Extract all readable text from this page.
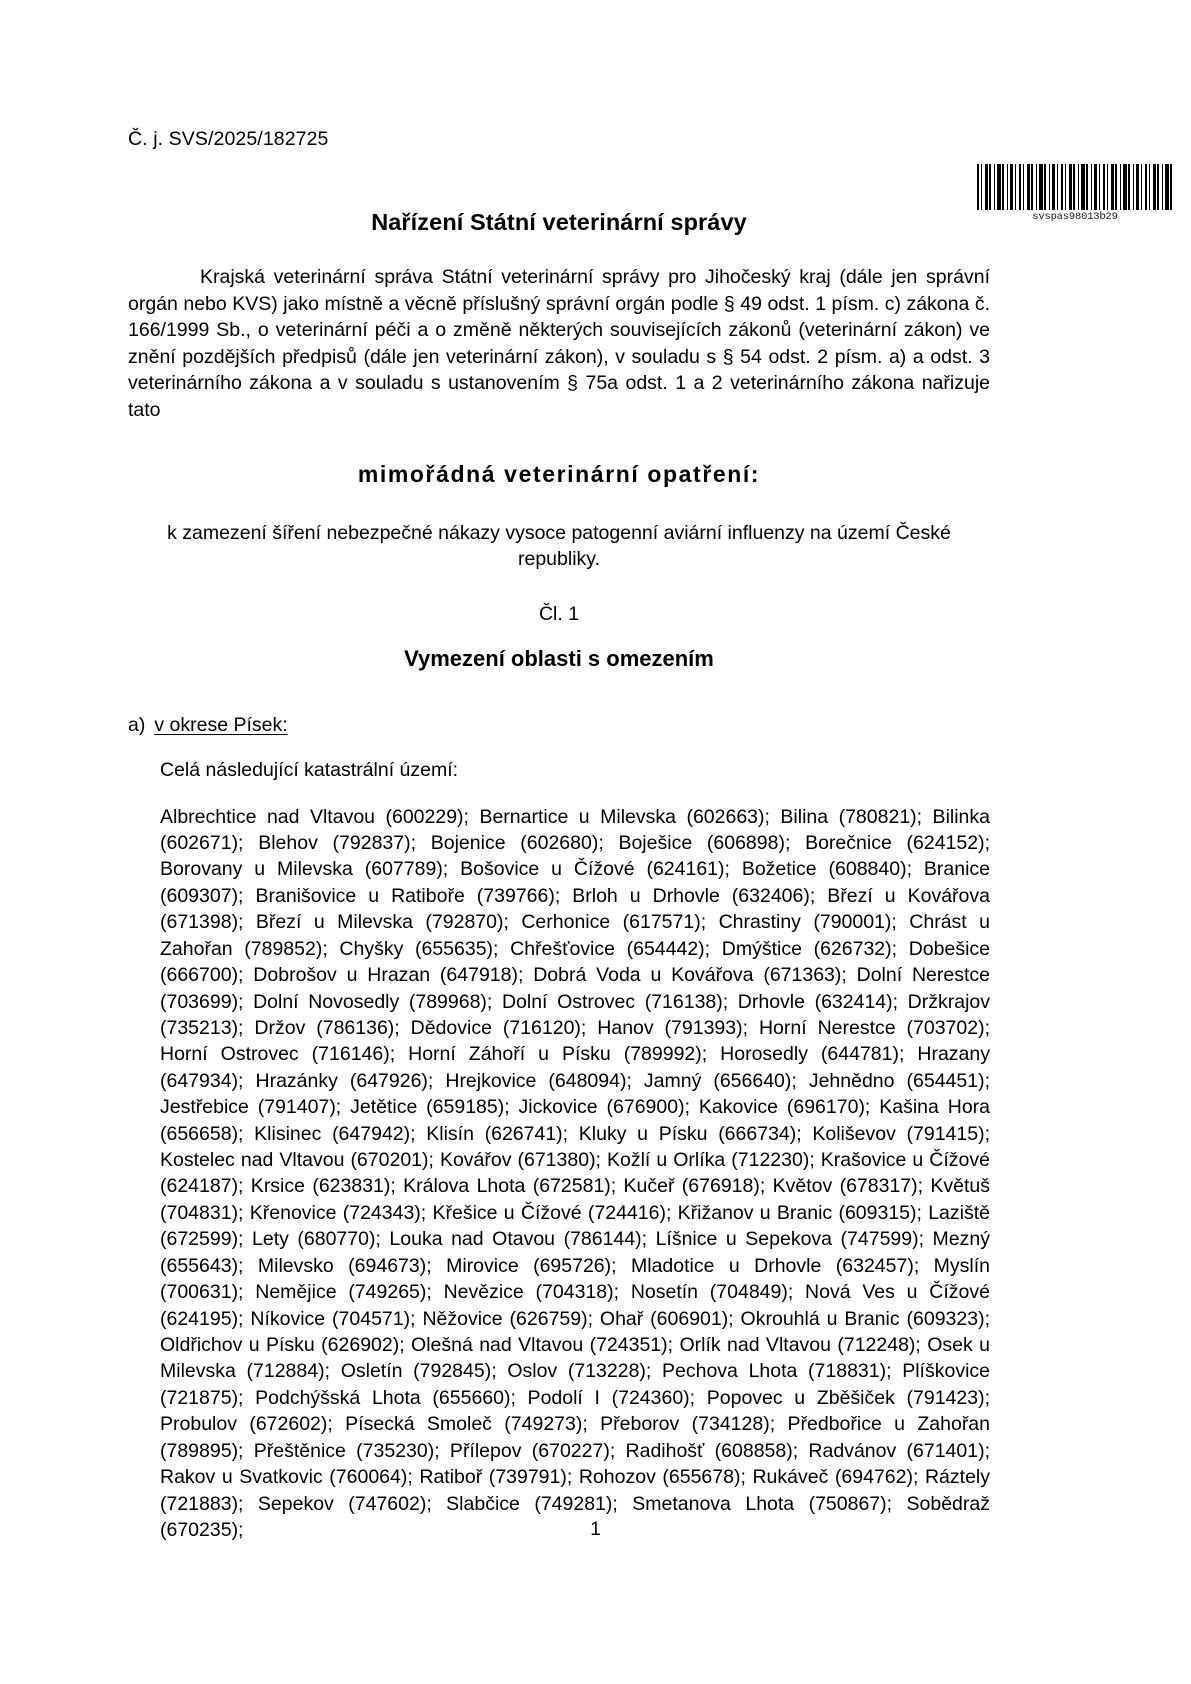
svspas98013b29
Č. j. SVS/2025/182725
Nařízení Státní veterinární správy

Krajská veterinární správa Státní veterinární správy pro Jihočeský kraj (dále jen správní orgán nebo KVS) jako místně a věcně příslušný správní orgán podle § 49 odst. 1 písm. c) zákona č. 166/1999 Sb., o veterinární péči a o změně některých souvisejících zákonů (veterinární zákon) ve znění pozdějších předpisů (dále jen veterinární zákon), v souladu s § 54 odst. 2 písm. a) a odst. 3 veterinárního zákona a v souladu s ustanovením § 75a odst. 1 a 2 veterinárního zákona nařizuje tato

mimořádná veterinární opatření:
k zamezení šíření nebezpečné nákazy vysoce patogenní aviární influenzy na území České republiky.
Čl. 1
Vymezení oblasti s omezením
a) v okrese Písek:
Celá následující katastrální území:

Albrechtice nad Vltavou (600229); Bernartice u Milevska (602663); Bilina (780821); Bilinka (602671); Blehov (792837); Bojenice (602680); Boješice (606898); Borečnice (624152); Borovany u Milevska (607789); Bošovice u Čížové (624161); Božetice (608840); Branice (609307); Branišovice u Ratiboře (739766); Brloh u Drhovle (632406); Březí u Kovářova (671398); Březí u Milevska (792870); Cerhonice (617571); Chrastiny (790001); Chrást u Zahořan (789852); Chyšky (655635); Chřešťovice (654442); Dmýštice (626732); Dobešice (666700); Dobrošov u Hrazan (647918); Dobrá Voda u Kovářova (671363); Dolní Nerestce (703699); Dolní Novosedly (789968); Dolní Ostrovec (716138); Drhovle (632414); Držkrajov (735213); Držov (786136); Dědovice (716120); Hanov (791393); Horní Nerestce (703702); Horní Ostrovec (716146); Horní Záhoří u Písku (789992); Horosedly (644781); Hrazany (647934); Hrazánky (647926); Hrejkovice (648094); Jamný (656640); Jehnědno (654451); Jestřebice (791407); Jetětice (659185); Jickovice (676900); Kakovice (696170); Kašina Hora (656658); Klisinec (647942); Klisín (626741); Kluky u Písku (666734); Koliševov (791415); Kostelec nad Vltavou (670201); Kovářov (671380); Kožlí u Orlíka (712230); Krašovice u Čížové (624187); Krsice (623831); Králova Lhota (672581); Kučeř (676918); Květov (678317); Květuš (704831); Křenovice (724343); Křešice u Čížové (724416); Křižanov u Branic (609315); Laziště (672599); Lety (680770); Louka nad Otavou (786144); Líšnice u Sepekova (747599); Mezný (655643); Milevsko (694673); Mirovice (695726); Mladotice u Drhovle (632457); Myslín (700631); Nemějice (749265); Nevězice (704318); Nosetín (704849); Nová Ves u Čížové (624195); Níkovice (704571); Něžovice (626759); Ohař (606901); Okrouhlá u Branic (609323); Oldřichov u Písku (626902); Olešná nad Vltavou (724351); Orlík nad Vltavou (712248); Osek u Milevska (712884); Osletín (792845); Oslov (713228); Pechova Lhota (718831); Plíškovice (721875); Podchýšská Lhota (655660); Podolí I (724360); Popovec u Zběšiček (791423); Probulov (672602); Písecká Smoleč (749273); Přeborov (734128); Předbořice u Zahořan (789895); Přeštěnice (735230); Přílepov (670227); Radihošť (608858); Radvánov (671401); Rakov u Svatkovic (760064); Ratiboř (739791); Rohozov (655678); Rukáveč (694762); Ráztely (721883); Sepekov (747602); Slabčice (749281); Smetanova Lhota (750867); Sobědraž (670235);	1
